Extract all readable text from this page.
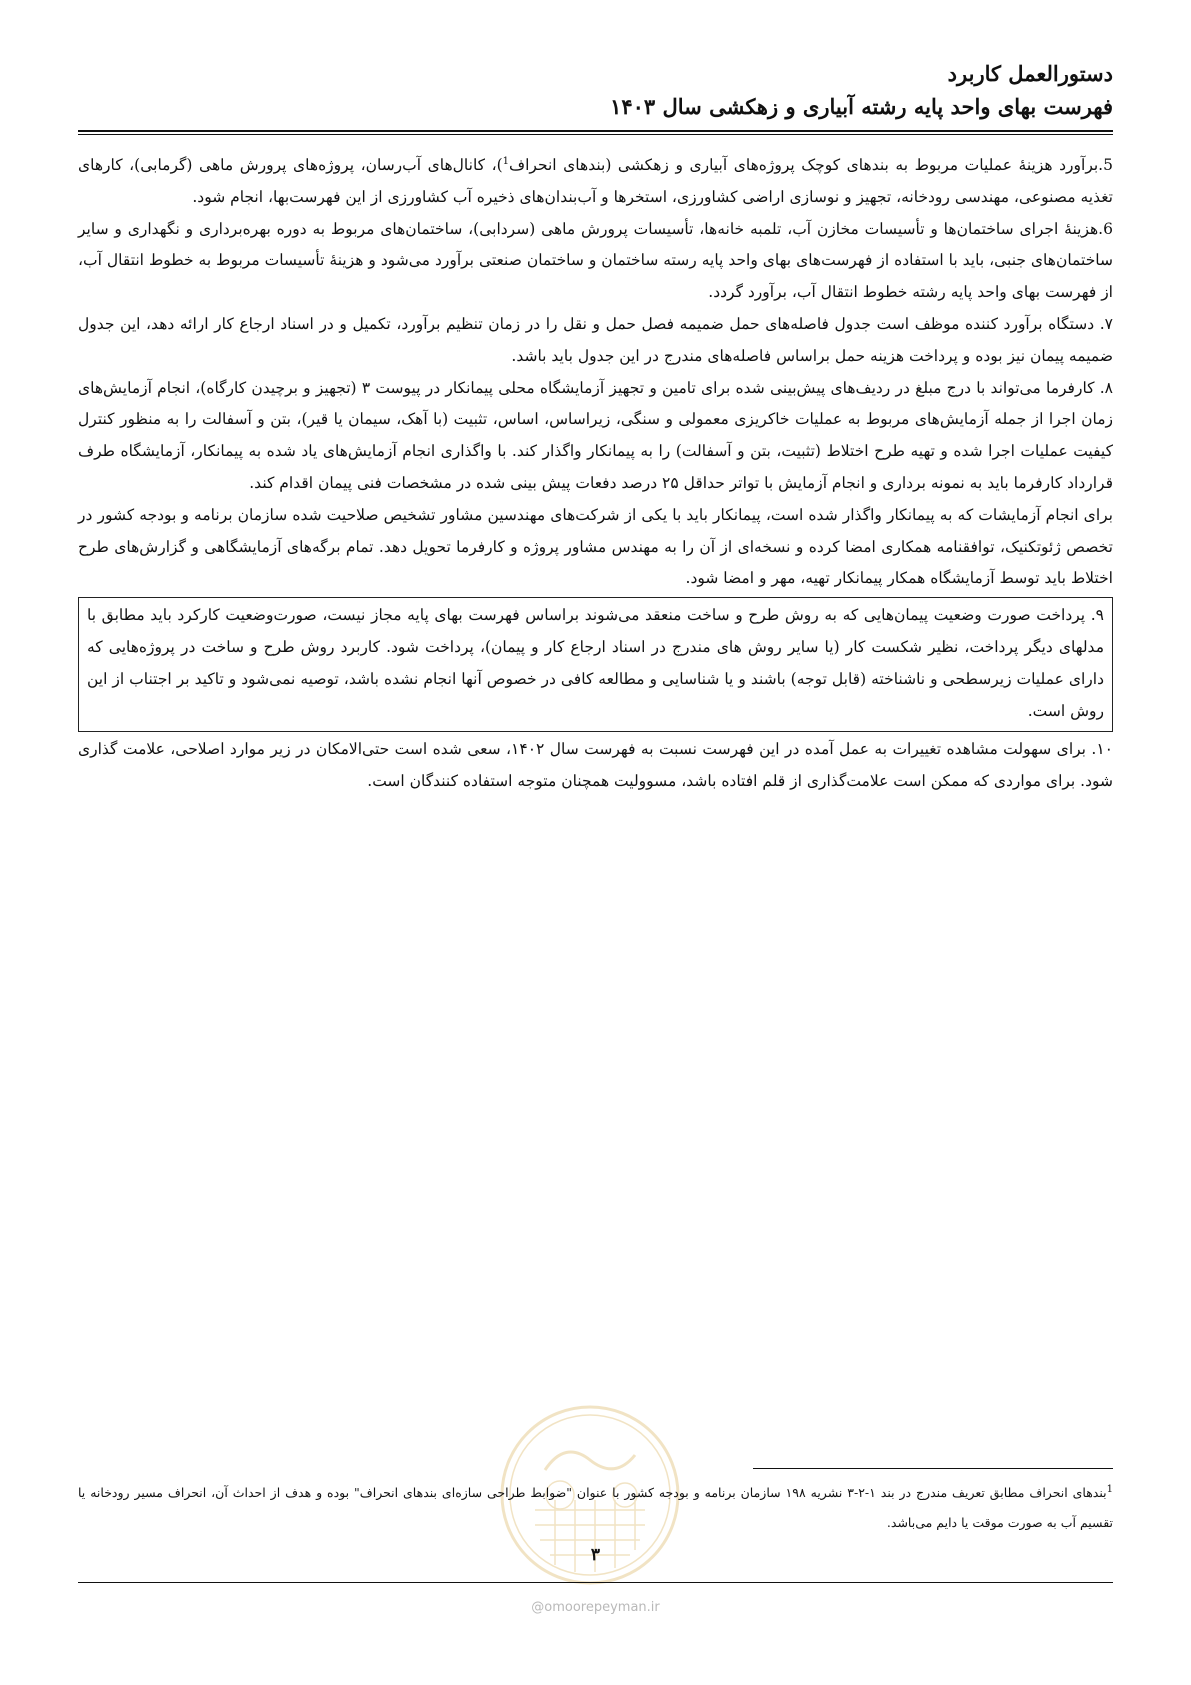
دستورالعمل کاربرد

فهرست بهای واحد پایه رشته آبیاری و زهکشی سال ۱۴۰۳

5.برآورد هزینهٔ عملیات مربوط به بندهای کوچک پروژه‌های آبیاری و زهکشی (بندهای انحراف$^1$)، کانال‌های آب‌رسان، پروژه‌های پرورش ماهی (گرمابی)، کارهای تغذیه مصنوعی، مهندسی رودخانه، تجهیز و نوسازی اراضی کشاورزی، استخرها و آب‌بندان‌های ذخیره آب کشاورزی از این فهرست‌بها، انجام شود.

6.هزینهٔ اجرای ساختمان‌ها و تأسیسات مخازن آب، تلمبه خانه‌ها، تأسیسات پرورش ماهی (سردابی)، ساختمان‌های مربوط به دوره بهره‌برداری و نگهداری و سایر ساختمان‌های جنبی، باید با استفاده از فهرست‌های بهای واحد پایه رسته ساختمان و ساختمان صنعتی برآورد می‌شود و هزینهٔ تأسیسات مربوط به خطوط انتقال آب، از فهرست بهای واحد پایه رشته خطوط انتقال آب، برآورد گردد.

۷. دستگاه برآورد کننده موظف است جدول فاصله‌های حمل ضمیمه فصل حمل و نقل را در زمان تنظیم برآورد، تکمیل و در اسناد ارجاع کار ارائه دهد، این جدول ضمیمه پیمان نیز بوده و پرداخت هزینه حمل براساس فاصله‌های مندرج در این جدول باید باشد.

۸. کارفرما می‌تواند با درج مبلغ در ردیف‌های پیش‌بینی شده برای تامین و تجهیز آزمایشگاه محلی پیمانکار در پیوست ۳ (تجهیز و برچیدن کارگاه)، انجام آزمایش‌های زمان اجرا از جمله آزمایش‌های مربوط به عملیات خاکریزی معمولی و سنگی، زیراساس، اساس، تثبیت (با آهک، سیمان یا قیر)، بتن و آسفالت را به منظور کنترل کیفیت عملیات اجرا شده و تهیه طرح اختلاط (تثبیت، بتن و آسفالت) را به پیمانکار واگذار کند. با واگذاری انجام آزمایش‌های یاد شده به پیمانکار، آزمایشگاه طرف قرارداد کارفرما باید به نمونه برداری و انجام آزمایش با تواتر حداقل ۲۵ درصد دفعات پیش بینی شده در مشخصات فنی پیمان اقدام کند.

برای انجام آزمایشات که به پیمانکار واگذار شده است، پیمانکار باید با یکی از شرکت‌های مهندسین مشاور تشخیص صلاحیت شده سازمان برنامه و بودجه کشور در تخصص ژئوتکنیک، توافقنامه همکاری امضا کرده و نسخه‌ای از آن را به مهندس مشاور پروژه و کارفرما تحویل دهد. تمام برگه‌های آزمایشگاهی و گزارش‌های طرح اختلاط باید توسط آزمایشگاه همکار پیمانکار تهیه، مهر و امضا شود.

۹. پرداخت صورت وضعیت پیمان‌هایی که به روش طرح و ساخت منعقد می‌شوند براساس فهرست بهای پایه مجاز نیست، صورت‌وضعیت کارکرد باید مطابق با مدلهای دیگر پرداخت، نظیر شکست کار (یا سایر روش های مندرج در اسناد ارجاع کار و پیمان)، پرداخت شود. کاربرد روش طرح و ساخت در پروژه‌هایی که دارای عملیات زیرسطحی و ناشناخته (قابل توجه) باشند و یا شناسایی و مطالعه کافی در خصوص آنها انجام نشده باشد، توصیه نمی‌شود و تاکید بر اجتناب از این روش است.

۱۰. برای سهولت مشاهده تغییرات به عمل آمده در این فهرست نسبت به فهرست سال ۱۴۰۲، سعی شده است حتی‌الامکان در زیر موارد اصلاحی، علامت گذاری شود. برای مواردی که ممکن است علامت‌گذاری از قلم افتاده باشد، مسوولیت همچنان متوجه استفاده کنندگان است.

$^1$بندهای انحراف مطابق تعریف مندرج در بند ۱-۲-۳ نشریه ۱۹۸ سازمان برنامه و بودجه کشور با عنوان "ضوابط طراحی سازه‌ای بندهای انحراف" بوده و هدف از احداث آن، انحراف مسیر رودخانه یا تقسیم آب به صورت موقت یا دایم می‌باشد.
۳
@omoorepeyman.ir
